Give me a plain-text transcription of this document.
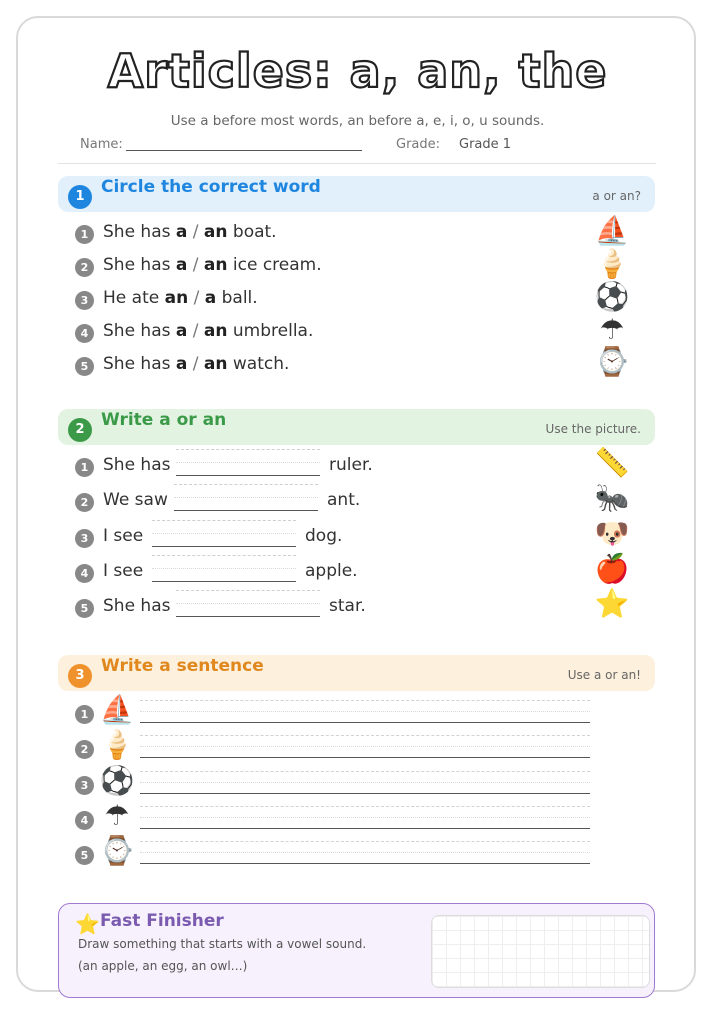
Articles: a, an, the
Use a before most words, an before a, e, i, o, u sounds.
Name:	Grade: Grade 1
1 Circle the correct word	a or an?
1 She has a / an boat.	⛵
2 She has a / an ice cream.	🍦
3 He ate an / a ball.	⚽
4 She has a / an umbrella.	☂
5 She has a / an watch.	⌚
2 Write a or an	Use the picture.
1 She has	ruler.	📏
2 We saw	ant.	🐜
3 I see	dog.	🐶
4 I see	apple.	🍎
5 She has	star.	⭐
3 Write a sentence	Use a or an!
1 ⛵
2 🍦
3 ⚽
4 ☂
5 ⌚
⭐ Fast Finisher
Draw something that starts with a vowel sound.
(an apple, an egg, an owl…)
